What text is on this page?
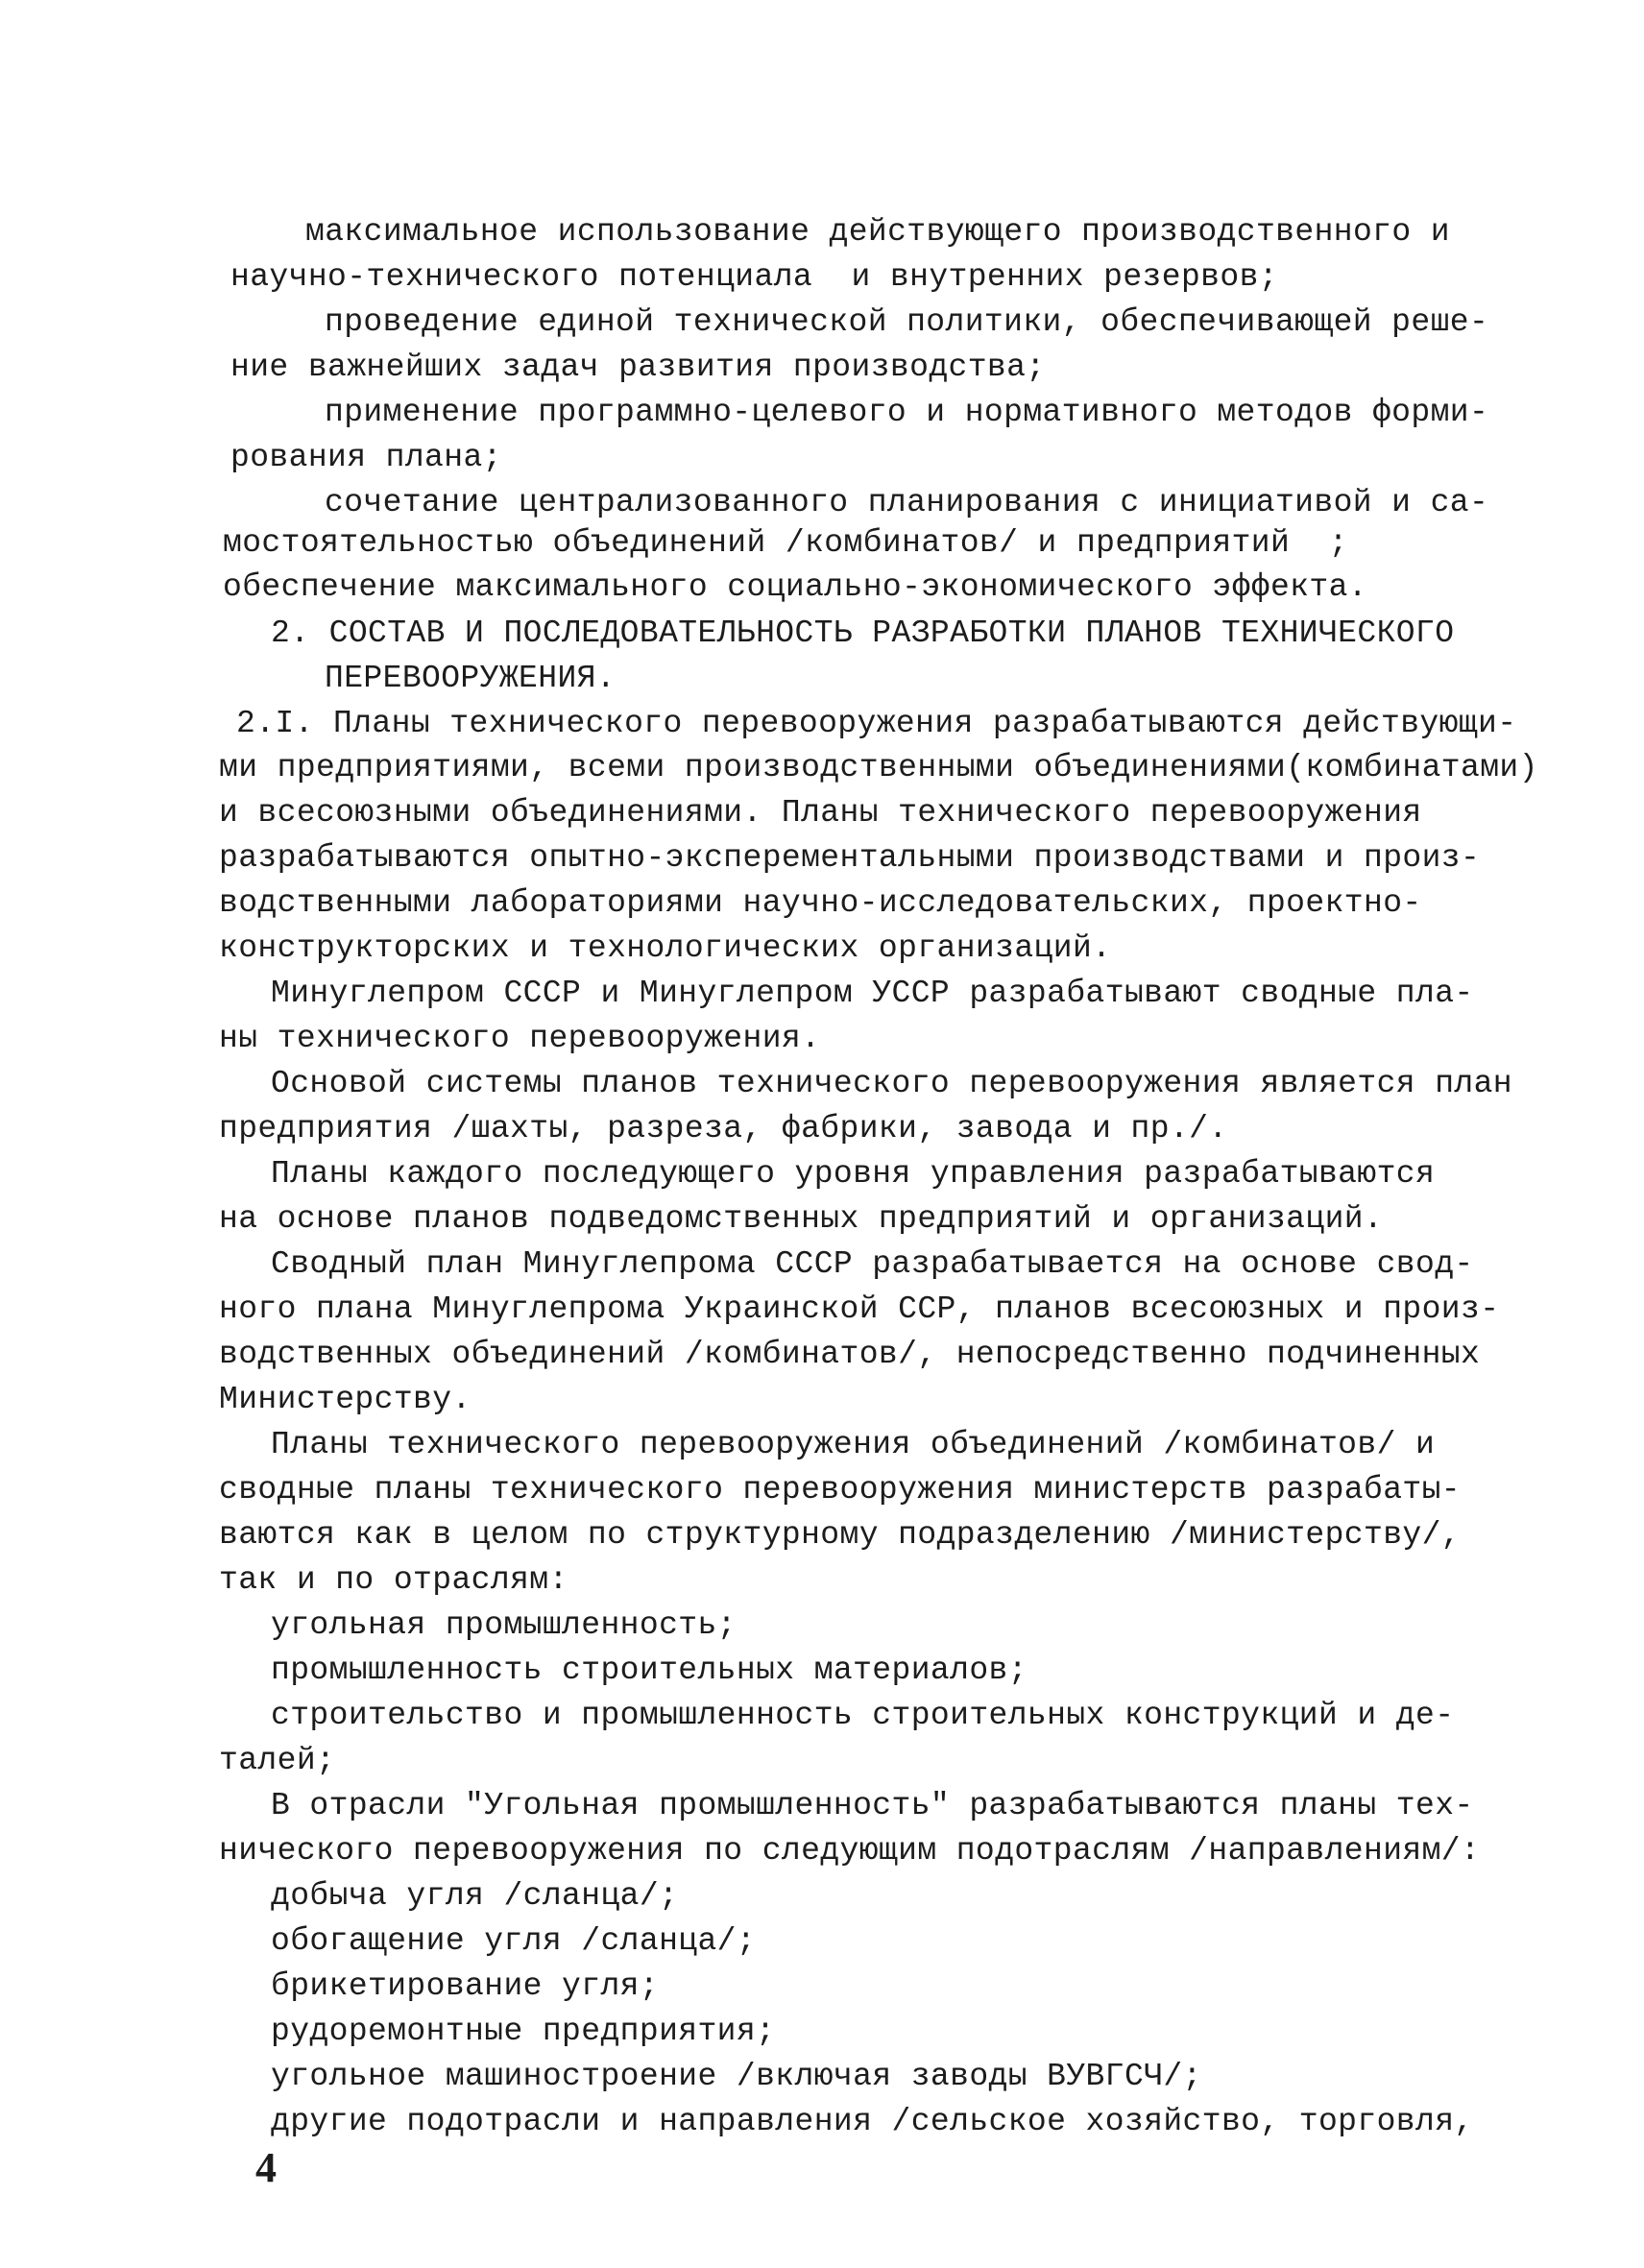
максимальное использование действующего производственного и
научно-технического потенциала  и внутренних резервов;
проведение единой технической политики, обеспечивающей реше-
ние важнейших задач развития производства;
применение программно-целевого и нормативного методов форми-
рования плана;
сочетание централизованного планирования с инициативой и са-
мостоятельностью объединений /комбинатов/ и предприятий  ;
обеспечение максимального социально-экономического эффекта.
2. СОСТАВ И ПОСЛЕДОВАТЕЛЬНОСТЬ РАЗРАБОТКИ ПЛАНОВ ТЕХНИЧЕСКОГО
ПЕРЕВООРУЖЕНИЯ.
2.I. Планы технического перевооружения разрабатываются действующи-
ми предприятиями, всеми производственными объединениями(комбинатами)
и всесоюзными объединениями. Планы технического перевооружения
разрабатываются опытно-эксперементальными производствами и произ-
водственными лабораториями научно-исследовательских, проектно-
конструкторских и технологических организаций.
Минуглепром СССР и Минуглепром УССР разрабатывают сводные пла-
ны технического перевооружения.
Основой системы планов технического перевооружения является план
предприятия /шахты, разреза, фабрики, завода и пр./.
Планы каждого последующего уровня управления разрабатываются
на основе планов подведомственных предприятий и организаций.
Сводный план Минуглепрома СССР разрабатывается на основе свод-
ного плана Минуглепрома Украинской ССР, планов всесоюзных и произ-
водственных объединений /комбинатов/, непосредственно подчиненных
Министерству.
Планы технического перевооружения объединений /комбинатов/ и
сводные планы технического перевооружения министерств разрабаты-
ваются как в целом по структурному подразделению /министерству/,
так и по отраслям:
угольная промышленность;
промышленность строительных материалов;
строительство и промышленность строительных конструкций и де-
талей;
В отрасли "Угольная промышленность" разрабатываются планы тех-
нического перевооружения по следующим подотраслям /направлениям/:
добыча угля /сланца/;
обогащение угля /сланца/;
брикетирование угля;
рудоремонтные предприятия;
угольное машиностроение /включая заводы ВУВГСЧ/;
другие подотрасли и направления /сельское хозяйство, торговля,
4
